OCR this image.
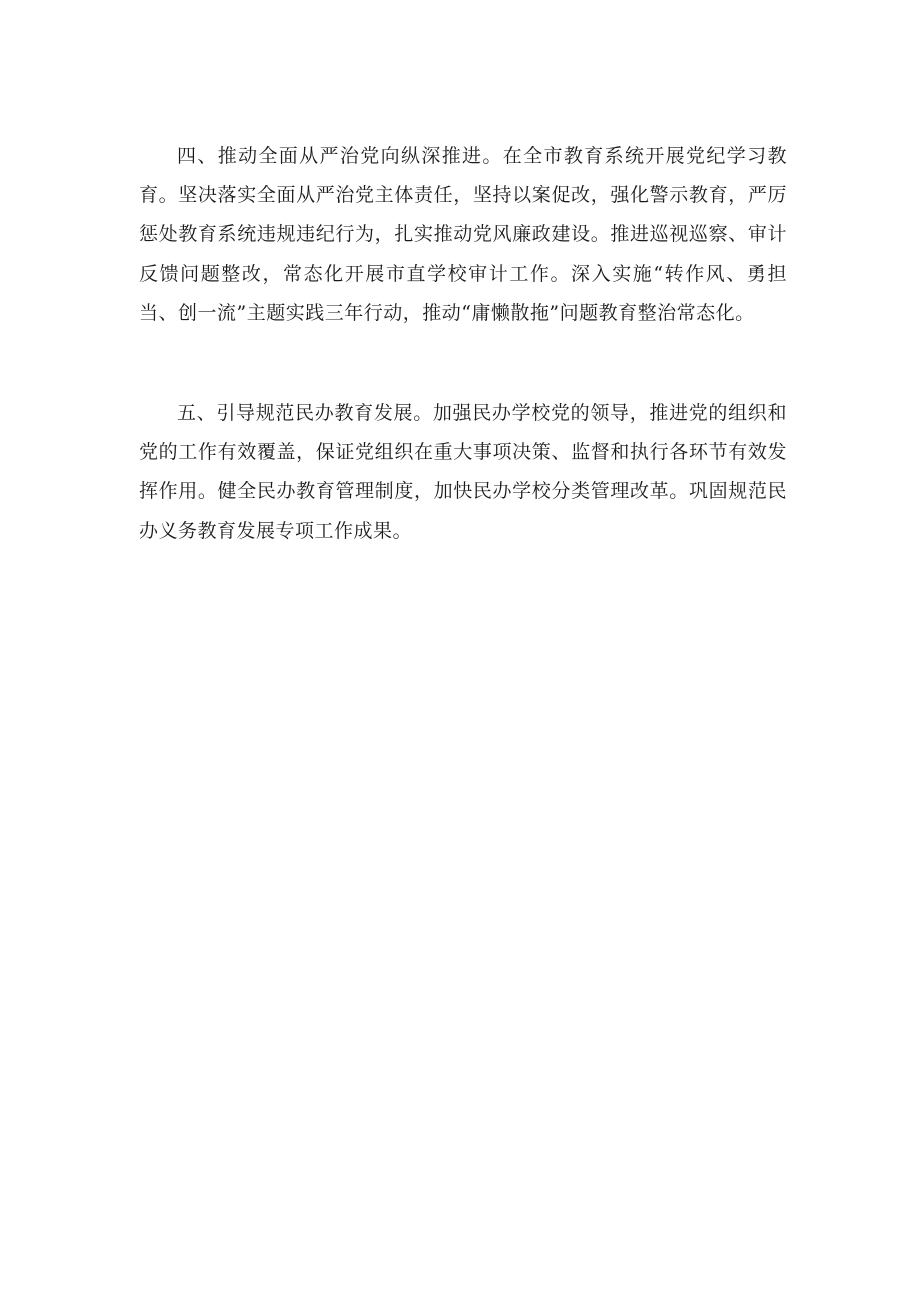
四、推动全面从严治党向纵深推进。在全市教育系统开展党纪学习教育。坚决落实全面从严治党主体责任，坚持以案促改，强化警示教育，严厉惩处教育系统违规违纪行为，扎实推动党风廉政建设。推进巡视巡察、审计反馈问题整改，常态化开展市直学校审计工作。深入实施“转作风、勇担当、创一流”主题实践三年行动，推动“庸懒散拖”问题教育整治常态化。

五、引导规范民办教育发展。加强民办学校党的领导，推进党的组织和党的工作有效覆盖，保证党组织在重大事项决策、监督和执行各环节有效发挥作用。健全民办教育管理制度，加快民办学校分类管理改革。巩固规范民办义务教育发展专项工作成果。
